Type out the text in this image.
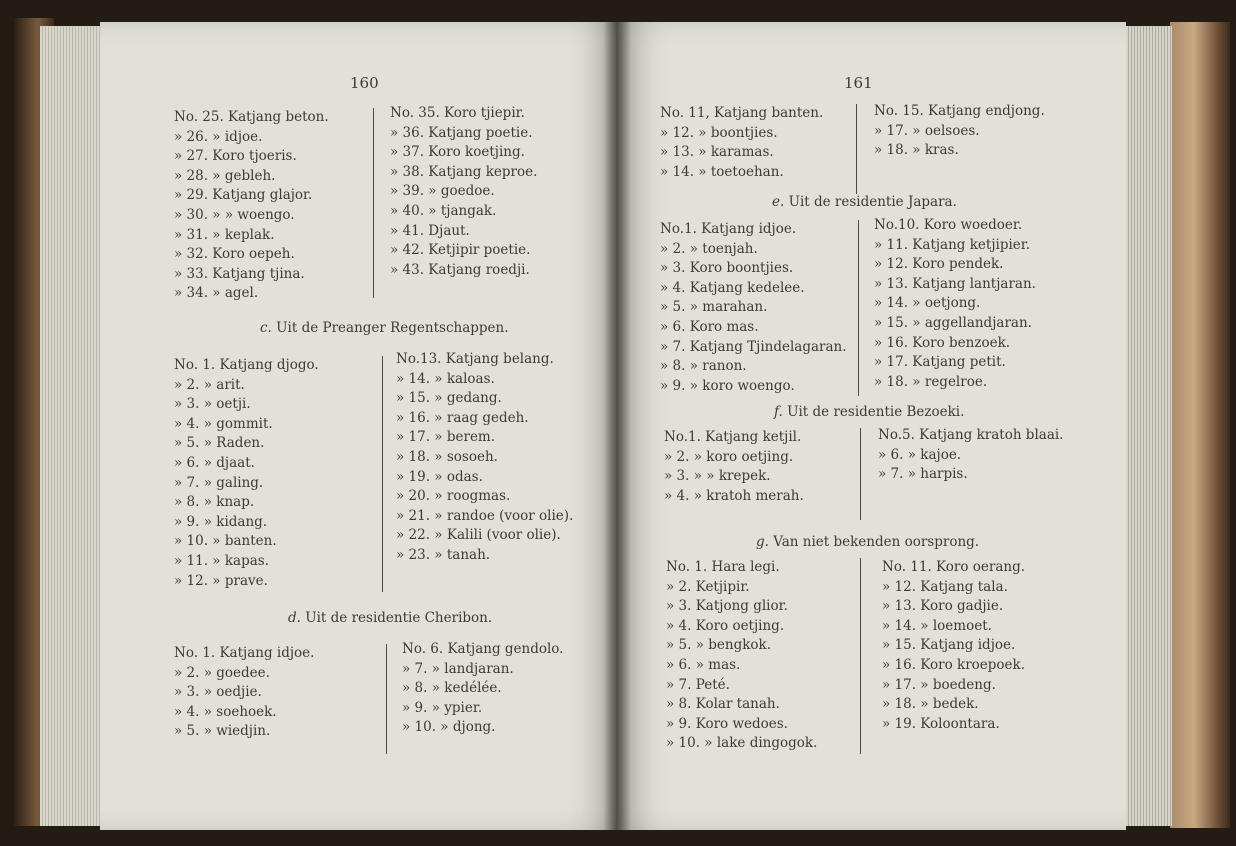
160
No. 25. Katjang beton.
» 26. » idjoe.
» 27. Koro tjoeris.
» 28. » gebleh.
» 29. Katjang glajor.
» 30. » » woengo.
» 31. » keplak.
» 32. Koro oepeh.
» 33. Katjang tjina.
» 34. » agel.
No. 35. Koro tjiepir.
» 36. Katjang poetie.
» 37. Koro koetjing.
» 38. Katjang keproe.
» 39. » goedoe.
» 40. » tjangak.
» 41. Djaut.
» 42. Ketjipir poetie.
» 43. Katjang roedji.
c. Uit de Preanger Regentschappen.
No. 1. Katjang djogo.
» 2. » arit.
» 3. » oetji.
» 4. » gommit.
» 5. » Raden.
» 6. » djaat.
» 7. » galing.
» 8. » knap.
» 9. » kidang.
» 10. » banten.
» 11. » kapas.
» 12. » prave.
No.13. Katjang belang.
» 14. » kaloas.
» 15. » gedang.
» 16. » raag gedeh.
» 17. » berem.
» 18. » sosoeh.
» 19. » odas.
» 20. » roogmas.
» 21. » randoe (voor olie).
» 22. » Kalili (voor olie).
» 23. » tanah.
d. Uit de residentie Cheribon.
No. 1. Katjang idjoe.
» 2. » goedee.
» 3. » oedjie.
» 4. » soehoek.
» 5. » wiedjin.
No. 6. Katjang gendolo.
» 7. » landjaran.
» 8. » kedélée.
» 9. » ypier.
» 10. » djong.
161
No. 11, Katjang banten.
» 12. » boontjies.
» 13. » karamas.
» 14. » toetoehan.
No. 15. Katjang endjong.
» 17. » oelsoes.
» 18. » kras.
e. Uit de residentie Japara.
No.1. Katjang idjoe.
» 2. » toenjah.
» 3. Koro boontjies.
» 4. Katjang kedelee.
» 5. » marahan.
» 6. Koro mas.
» 7. Katjang Tjindelagaran.
» 8. » ranon.
» 9. » koro woengo.
No.10. Koro woedoer.
» 11. Katjang ketjipier.
» 12. Koro pendek.
» 13. Katjang lantjaran.
» 14. » oetjong.
» 15. » aggellandjaran.
» 16. Koro benzoek.
» 17. Katjang petit.
» 18. » regelroe.
f. Uit de residentie Bezoeki.
No.1. Katjang ketjil.
» 2. » koro oetjing.
» 3. » » krepek.
» 4. » kratoh merah.
No.5. Katjang kratoh blaai.
» 6. » kajoe.
» 7. » harpis.
g. Van niet bekenden oorsprong.
No. 1. Hara legi.
» 2. Ketjipir.
» 3. Katjong glior.
» 4. Koro oetjing.
» 5. » bengkok.
» 6. » mas.
» 7. Peté.
» 8. Kolar tanah.
» 9. Koro wedoes.
» 10. » lake dingogok.
No. 11. Koro oerang.
» 12. Katjang tala.
» 13. Koro gadjie.
» 14. » loemoet.
» 15. Katjang idjoe.
» 16. Koro kroepoek.
» 17. » boedeng.
» 18. » bedek.
» 19. Koloontara.
